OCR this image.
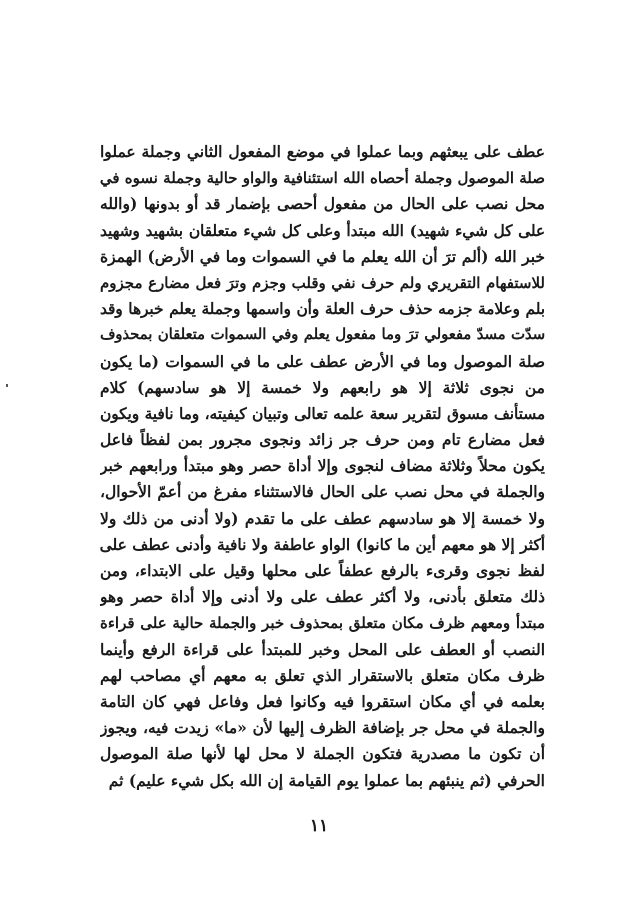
عطف على يبعثهم وبما عملوا في موضع المفعول الثاني وجملة عملوا
صلة الموصول وجملة أحصاه الله استئنافية والواو حالية وجملة نسوه في
محل نصب على الحال من مفعول أحصى بإضمار قد أو بدونها (والله
على كل شيء شهيد) الله مبتدأ وعلى كل شيء متعلقان بشهيد وشهيد
خبر الله (ألم ترَ أن الله يعلم ما في السموات وما في الأرض) الهمزة
للاستفهام التقريري ولم حرف نفي وقلب وجزم وترَ فعل مضارع مجزوم
بلم وعلامة جزمه حذف حرف العلة وأن واسمها وجملة يعلم خبرها وقد
سدّت مسدّ مفعولي ترَ وما مفعول يعلم وفي السموات متعلقان بمحذوف
صلة الموصول وما في الأرض عطف على ما في السموات (ما يكون
من نجوى ثلاثة إلا هو رابعهم ولا خمسة إلا هو سادسهم) كلام
مستأنف مسوق لتقرير سعة علمه تعالى وتبيان كيفيته، وما نافية ويكون
فعل مضارع تام ومن حرف جر زائد ونجوى مجرور بمن لفظاً فاعل
يكون محلاً وثلاثة مضاف لنجوى وإلا أداة حصر وهو مبتدأ ورابعهم خبر
والجملة في محل نصب على الحال فالاستثناء مفرغ من أعمّ الأحوال،
ولا خمسة إلا هو سادسهم عطف على ما تقدم (ولا أدنى من ذلك ولا
أكثر إلا هو معهم أين ما كانوا) الواو عاطفة ولا نافية وأدنى عطف على
لفظ نجوى وقرىء بالرفع عطفاً على محلها وقيل على الابتداء، ومن
ذلك متعلق بأدنى، ولا أكثر عطف على ولا أدنى وإلا أداة حصر وهو
مبتدأ ومعهم ظرف مكان متعلق بمحذوف خبر والجملة حالية على قراءة
النصب أو العطف على المحل وخبر للمبتدأ على قراءة الرفع وأينما
ظرف مكان متعلق بالاستقرار الذي تعلق به معهم أي مصاحب لهم
بعلمه في أي مكان استقروا فيه وكانوا فعل وفاعل فهي كان التامة
والجملة في محل جر بإضافة الظرف إليها لأن «ما» زيدت فيه، ويجوز
أن تكون ما مصدرية فتكون الجملة لا محل لها لأنها صلة الموصول
الحرفي (ثم ينبئهم بما عملوا يوم القيامة إن الله بكل شيء عليم) ثم
١١
